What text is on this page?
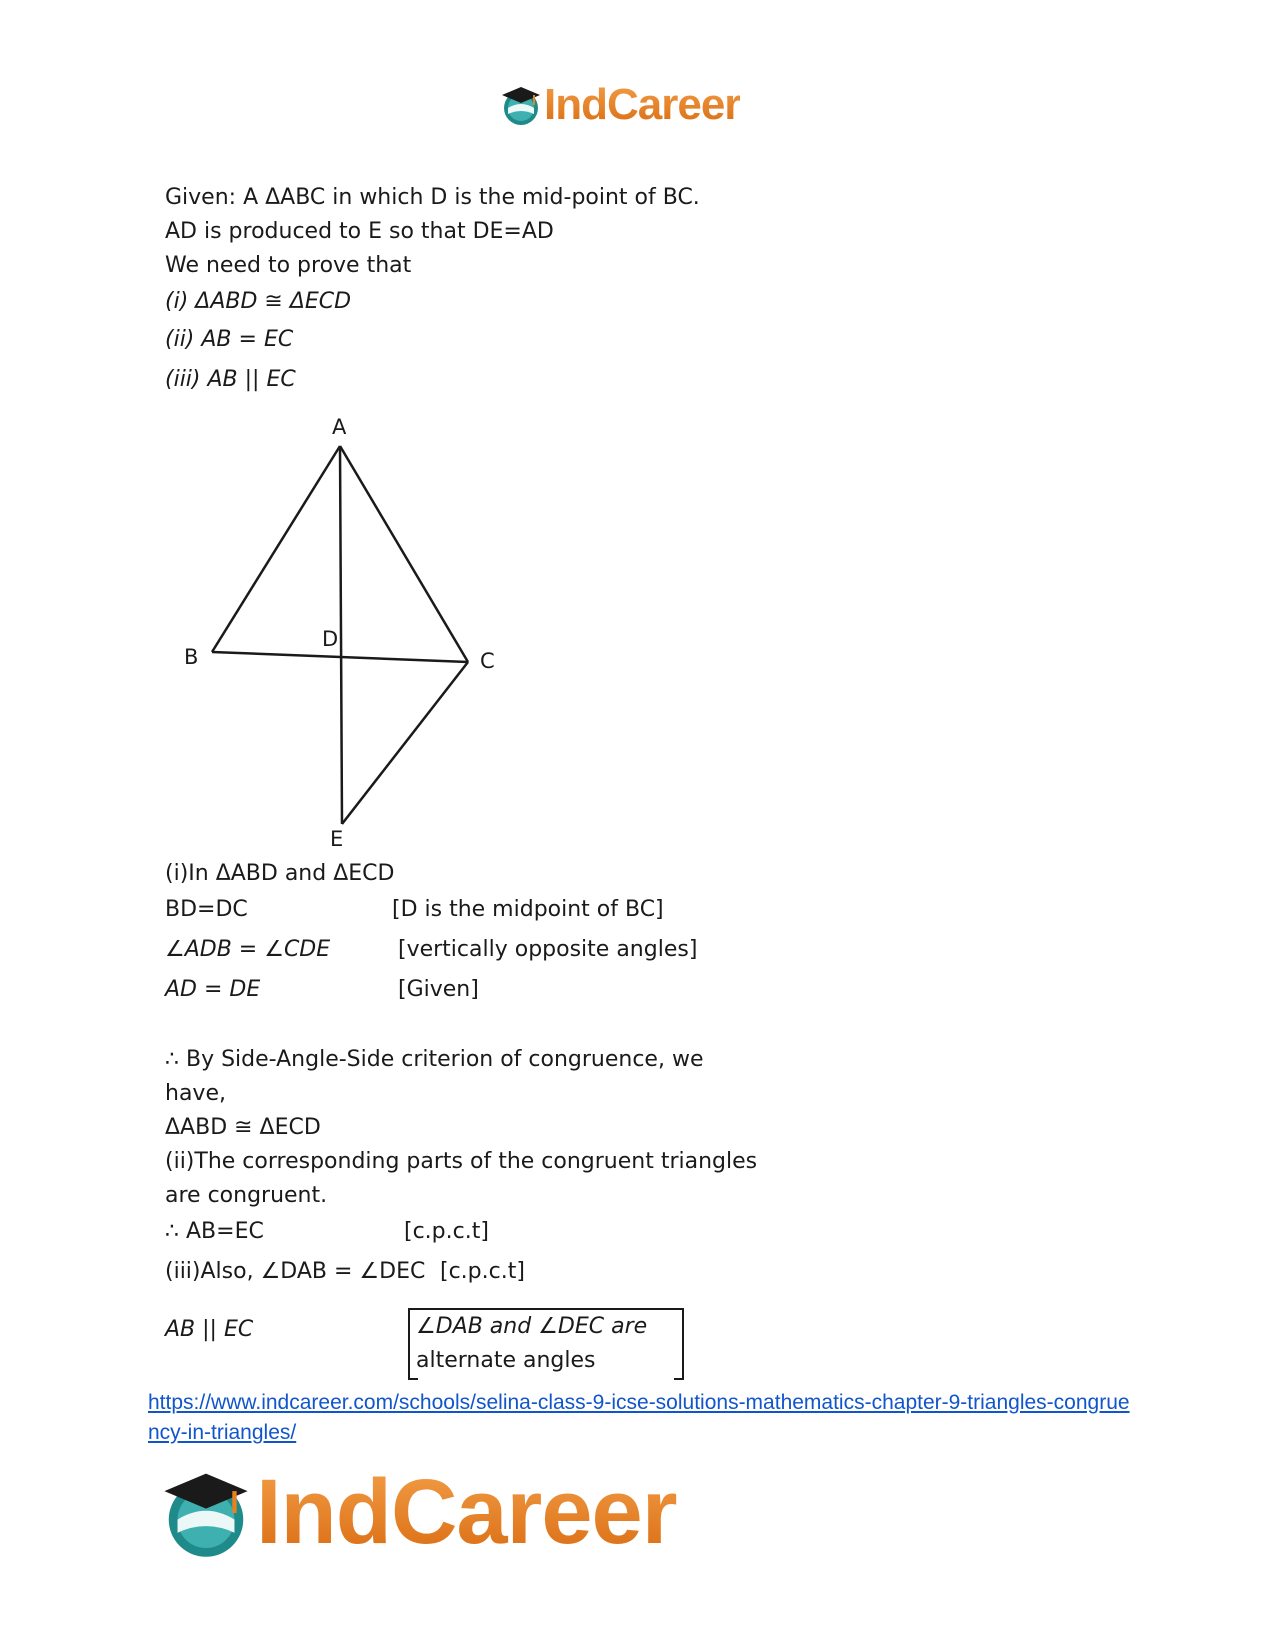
IndCareer
Given: A ΔABC in which D is the mid-point of BC.
AD is produced to E so that DE=AD
We need to prove that
(i) ΔABD ≅ ΔECD
(ii) AB = EC
(iii) AB || EC
A
B	C
D
E
(i)In ΔABD and ΔECD
BD=DC	[D is the midpoint of BC]
∠ADB = ∠CDE	[vertically opposite angles]
AD = DE	[Given]
∴ By Side-Angle-Side criterion of congruence, we
have,
ΔABD ≅ ΔECD
(ii)The corresponding parts of the congruent triangles
are congruent.
∴ AB=EC	[c.p.c.t]
(iii)Also, ∠DAB = ∠DEC [c.p.c.t]
AB || EC	∠DAB and ∠DEC are
alternate angles
https://www.indcareer.com/schools/selina-class-9-icse-solutions-mathematics-chapter-9-triangles-congruency-in-triangles/
IndCareer
